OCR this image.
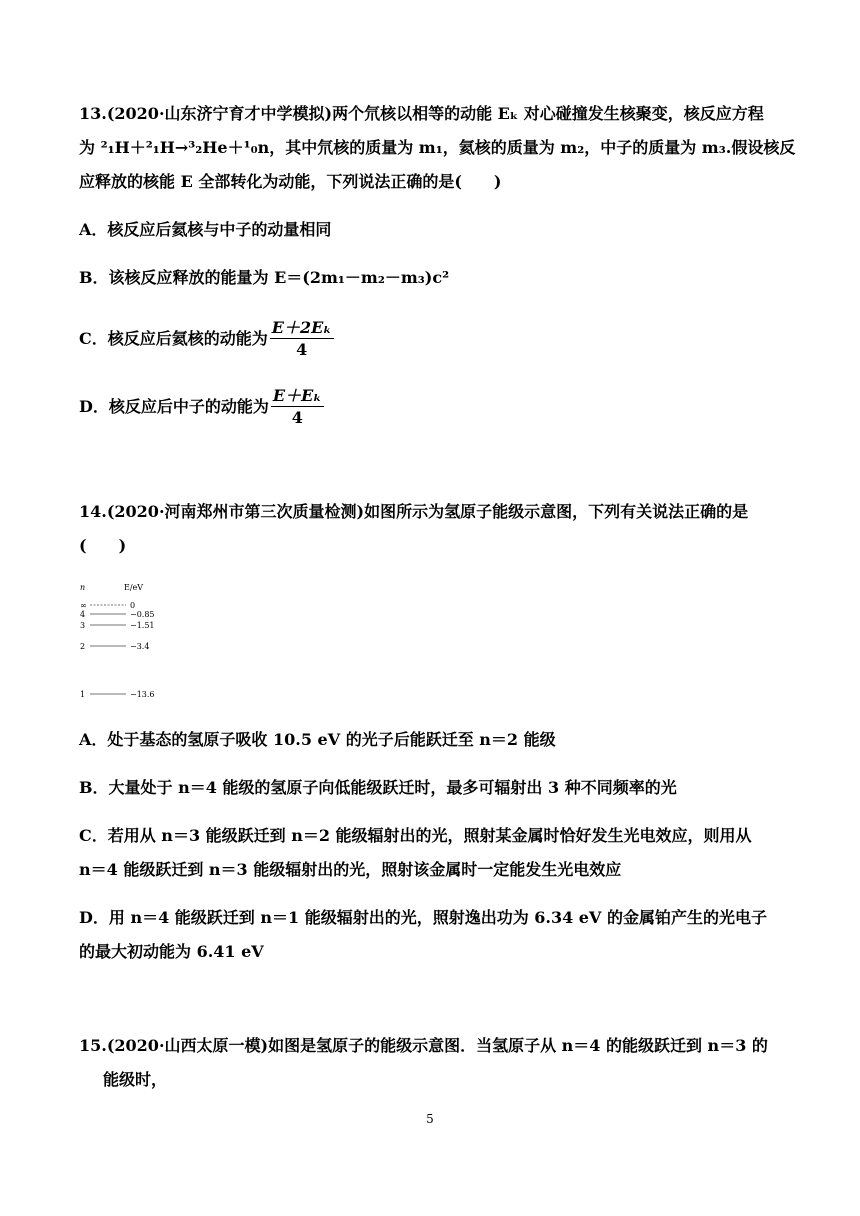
13.(2020·山东济宁育才中学模拟)两个氘核以相等的动能 Eₖ 对心碰撞发生核聚变，核反应方程
为 ²₁H＋²₁H→³₂He＋¹₀n，其中氘核的质量为 m₁，氦核的质量为 m₂，中子的质量为 m₃.假设核反
应释放的核能 E 全部转化为动能，下列说法正确的是(　　)
A．核反应后氦核与中子的动量相同
B．该核反应释放的能量为 E＝(2m₁－m₂－m₃)c²
C．核反应后氦核的动能为 $\frac{\text{E＋2Eₖ}}{4}$
D．核反应后中子的动能为 $\frac{\text{E＋Eₖ}}{4}$
14.(2020·河南郑州市第三次质量检测)如图所示为氢原子能级示意图，下列有关说法正确的是
(　　)
n	E/eV
∞	0
4	−0.85
3	−1.51
2	−3.4
1	−13.6
A．处于基态的氢原子吸收 10.5 eV 的光子后能跃迁至 n＝2 能级
B．大量处于 n＝4 能级的氢原子向低能级跃迁时，最多可辐射出 3 种不同频率的光
C．若用从 n＝3 能级跃迁到 n＝2 能级辐射出的光，照射某金属时恰好发生光电效应，则用从
n＝4 能级跃迁到 n＝3 能级辐射出的光，照射该金属时一定能发生光电效应
D．用 n＝4 能级跃迁到 n＝1 能级辐射出的光，照射逸出功为 6.34 eV 的金属铂产生的光电子
的最大初动能为 6.41 eV
15.(2020·山西太原一模)如图是氢原子的能级示意图．当氢原子从 n＝4 的能级跃迁到 n＝3 的
能级时，
5
